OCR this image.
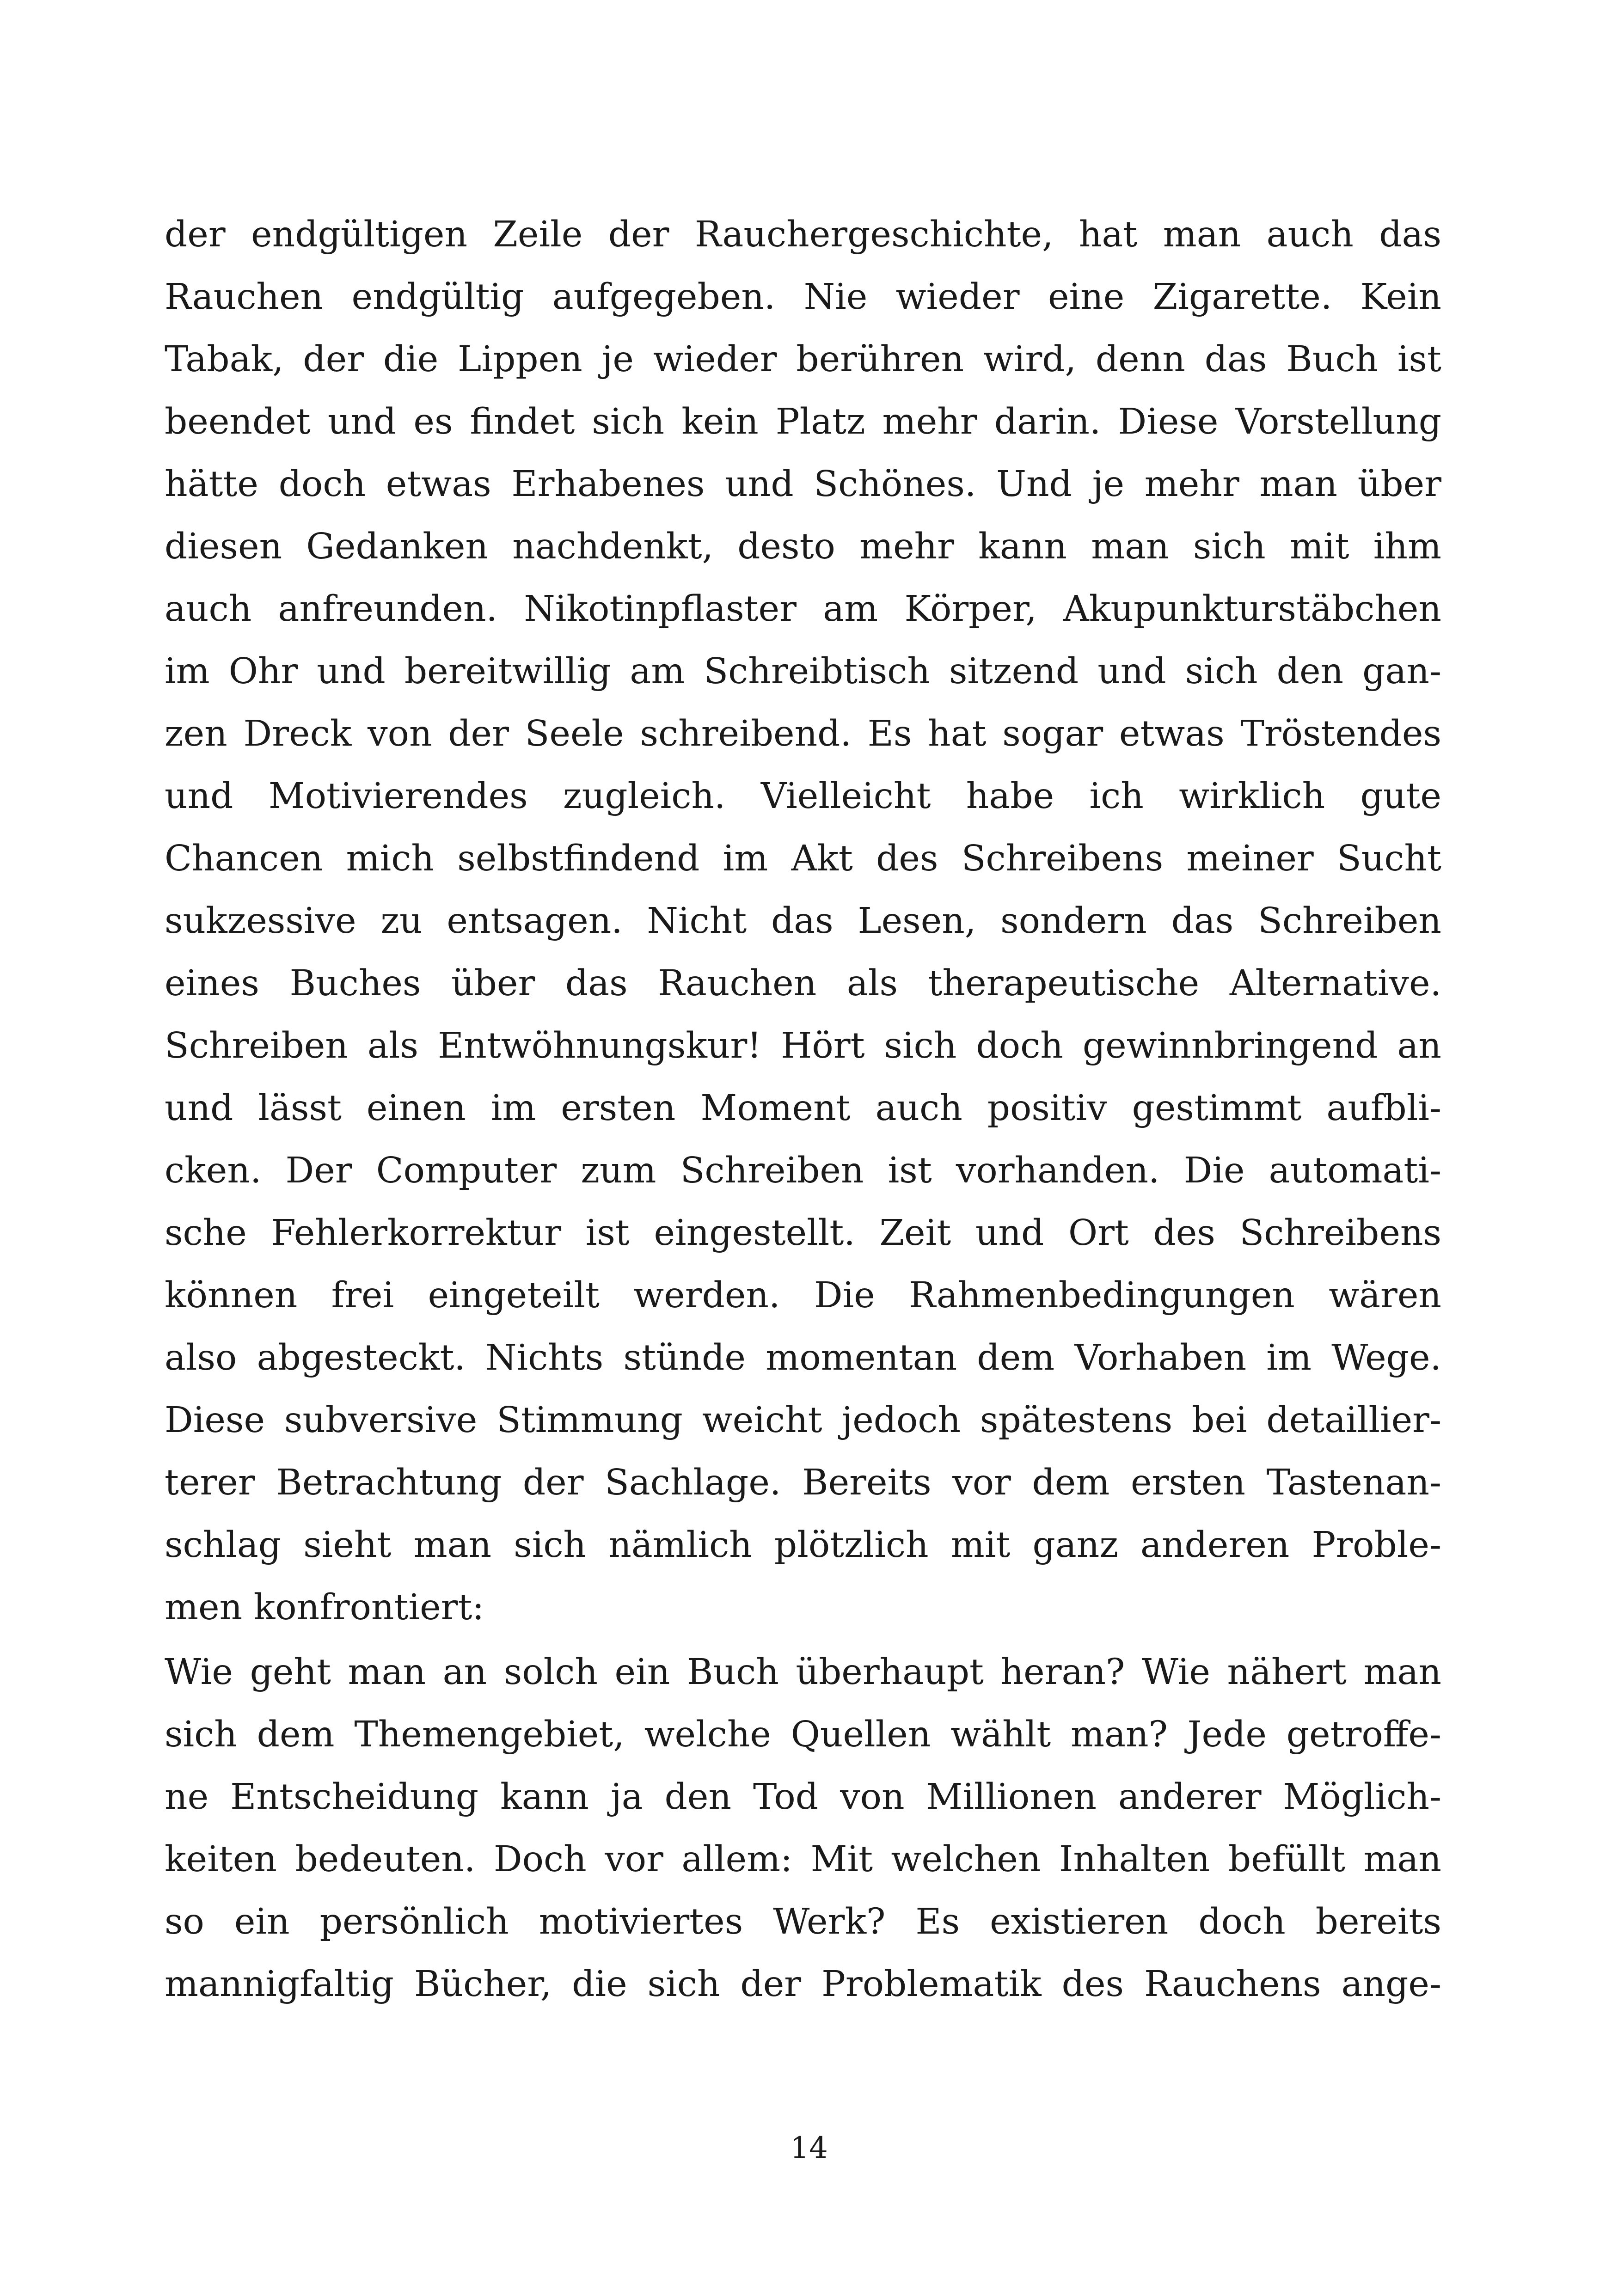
der endgültigen Zeile der Rauchergeschichte, hat man auch das
Rauchen endgültig aufgegeben. Nie wieder eine Zigarette. Kein
Tabak, der die Lippen je wieder berühren wird, denn das Buch ist
beendet und es findet sich kein Platz mehr darin. Diese Vorstellung
hätte doch etwas Erhabenes und Schönes. Und je mehr man über
diesen Gedanken nachdenkt, desto mehr kann man sich mit ihm
auch anfreunden. Nikotinpflaster am Körper, Akupunkturstäbchen
im Ohr und bereitwillig am Schreibtisch sitzend und sich den gan-
zen Dreck von der Seele schreibend. Es hat sogar etwas Tröstendes
und Motivierendes zugleich. Vielleicht habe ich wirklich gute
Chancen mich selbstfindend im Akt des Schreibens meiner Sucht
sukzessive zu entsagen. Nicht das Lesen, sondern das Schreiben
eines Buches über das Rauchen als therapeutische Alternative.
Schreiben als Entwöhnungskur! Hört sich doch gewinnbringend an
und lässt einen im ersten Moment auch positiv gestimmt aufbli-
cken. Der Computer zum Schreiben ist vorhanden. Die automati-
sche Fehlerkorrektur ist eingestellt. Zeit und Ort des Schreibens
können frei eingeteilt werden. Die Rahmenbedingungen wären
also abgesteckt. Nichts stünde momentan dem Vorhaben im Wege.
Diese subversive Stimmung weicht jedoch spätestens bei detaillier-
terer Betrachtung der Sachlage. Bereits vor dem ersten Tastenan-
schlag sieht man sich nämlich plötzlich mit ganz anderen Proble-
men konfrontiert:
Wie geht man an solch ein Buch überhaupt heran? Wie nähert man
sich dem Themengebiet, welche Quellen wählt man? Jede getroffe-
ne Entscheidung kann ja den Tod von Millionen anderer Möglich-
keiten bedeuten. Doch vor allem: Mit welchen Inhalten befüllt man
so ein persönlich motiviertes Werk? Es existieren doch bereits
mannigfaltig Bücher, die sich der Problematik des Rauchens ange-
14
